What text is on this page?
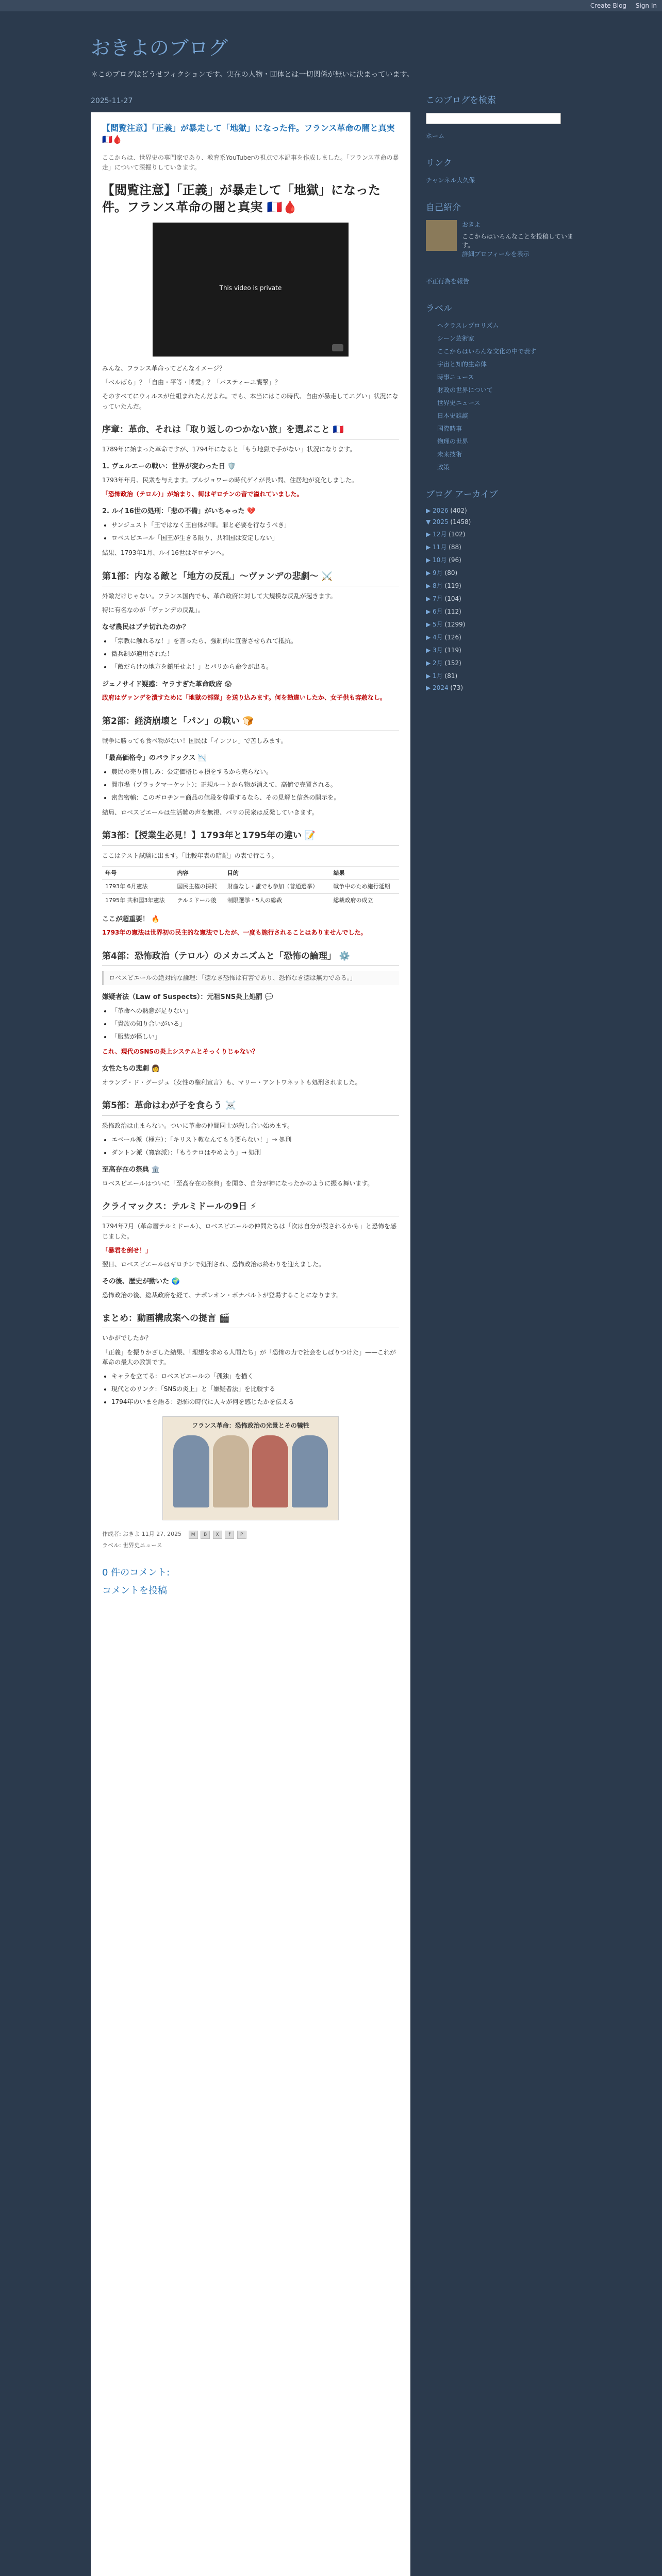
Create Blog Sign In
おきよのブログ
＊このブログはどうせフィクションです。実在の人物・団体とは一切関係が無いに決まっています。
2025-11-27
【閲覧注意】「正義」が暴走して「地獄」になった件。フランス革命の闇と真実 🇫🇷🩸

ここからは、世界史の専門家であり、教育系YouTuberの視点で本記事を作成しました。「フランス革命の暴走」について深掘りしていきます。

【閲覧注意】「正義」が暴走して「地獄」になった件。フランス革命の闇と真実 🇫🇷🩸
This video is private

みんな、フランス革命ってどんなイメージ？

「ベルばら」？「自由・平等・博愛」？「バスティーユ襲撃」？

そのすべてにウィルスが仕組まれたんだよね。でも、本当にはこの時代、自由が暴走してエグい」状況になっていたんだ。

序章：革命、それは「取り返しのつかない旅」を選ぶこと 🇫🇷

1789年に始まった革命ですが、1794年になると「もう地獄で手がない」状況になります。

1. ヴェルエーの戦い：世界が変わった日 🛡️

1793年年月、民衆を与えます。ブルジョワーの時代ゲイが長い間、住居地が変化しました。

「恐怖政治（テロル）」が始まり、街はギロチンの音で溢れていました。

2. ルイ16世の処刑：「悲の不備」がいちゃった 💔
• サンジュスト「王ではなく王自体が罪。罪と必要を行なうべき」
• ロベスピエール「国王が生きる限り、共和国は安定しない」

結果、1793年1月、ルイ16世はギロチンへ。

第1部：内なる敵と「地方の反乱」〜ヴァンデの悲劇〜 ⚔️

外敵だけじゃない。フランス国内でも、革命政府に対して大規模な反乱が起きます。

特に有名なのが「ヴァンデの反乱」。

なぜ農民はブチ切れたのか？
• 「宗教に触れるな！」を言ったら、強制的に宣誓させられて抵抗。
• 微兵制が適用された！
• 「敵だらけの地方を鎮圧せよ！」とパリから命令が出る。
ジェノサイド疑惑：ヤラすぎた革命政府 😱

政府はヴァンデを潰すために「地獄の部隊」を送り込みます。何を勘違いしたか、女子供も容赦なし。

第2部：経済崩壊と「パン」の戦い 🍞

戦争に勝っても食べ物がない！国民は「インフレ」で苦しみます。

「最高価格令」のパラドックス 📉
• 農民の売り惜しみ：公定価格じゃ損をするから売らない。
• 闇市場（ブラックマーケット）：正規ルートから物が消えて、高値で売買される。
• 密告密輸：このギロチン＝商品の値段を尊重するなら、その見解と信条の開示を。

結局、ロベスピエールは生活難の声を無視、パリの民衆は反発していきます。

第3部：【授業生必見！】1793年と1795年の違い 📝

ここはテスト試験に出ます。「比較年表の暗記」の表で行こう。

年号	内容	目的	結果
1793年 6月憲法	国民主権の採択	財産なし・誰でも参加（普通選挙）	戦争中のため施行延期
1795年 共和国3年憲法	テルミドール後	制限選挙・5人の総裁	総裁政府の成立
ここが超重要！ 🔥

1793年の憲法は世界初の民主的な憲法でしたが、一度も施行されることはありませんでした。

第4部：恐怖政治（テロル）のメカニズムと「恐怖の論理」 ⚙️

ロベスピエールの絶対的な論理：「徳なき恐怖は有害であり、恐怖なき徳は無力である。」

嫌疑者法（Law of Suspects）：元祖SNS炎上処罰 💬
• 「革命への熱意が足りない」
• 「貴族の知り合いがいる」
• 「服装が怪しい」

これ、現代のSNSの炎上システムとそっくりじゃない？

女性たちの悲劇 👩

オランプ・ド・グージュ（女性の権利宣言）も、マリー・アントワネットも処刑されました。

第5部：革命はわが子を食らう ☠️

恐怖政治は止まらない。ついに革命の仲間同士が殺し合い始めます。

• エベール派（極左）：「キリスト教なんてもう要らない！」→ 処刑
• ダントン派（寛容派）：「もうテロはやめよう」→ 処刑
至高存在の祭典 🏛️

ロベスピエールはついに「至高存在の祭典」を開き、自分が神になったかのように振る舞います。

クライマックス：テルミドールの9日 ⚡

1794年7月（革命暦テルミドール）、ロベスピエールの仲間たちは「次は自分が殺されるかも」と恐怖を感じました。

「暴君を倒せ！」

翌日、ロベスピエールはギロチンで処刑され、恐怖政治は終わりを迎えました。

その後、歴史が動いた 🌍

恐怖政治の後、総裁政府を経て、ナポレオン・ボナパルトが登場することになります。

まとめ：動画構成案への提言 🎬

いかがでしたか？

「正義」を振りかざした結果、「理想を求める人間たち」が「恐怖の力で社会をしばりつけた」——これが革命の最大の教訓です。

• キャラを立てる：ロベスピエールの「孤独」を描く
• 現代とのリンク：「SNSの炎上」と「嫌疑者法」を比較する
• 1794年のいまを語る：恐怖の時代に人々が何を感じたかを伝える
フランス革命：恐怖政治の光景とその犠牲
作成者: おきよ 11月 27, 2025 M B X f P
ラベル: 世界史ニュース
0 件のコメント:
コメントを投稿
このブログを検索
ホーム
リンク
チャンネル大久保
自己紹介
おきよ
ここからはいろんなことを投稿しています。
詳細プロフィールを表示
不正行為を報告
ラベル
ヘクラスレプロリズム
シーン芸術家
ここからはいろんな文化の中で表す
宇宙と知的生命体
時事ニュース
財政の世界について
世界史ニュース
日本史雑談
国際時事
物理の世界
未来技術
政策
ブログ アーカイブ
▶ 2026 (402)
▼ 2025 (1458)
▶ 12月 (102)
▶ 11月 (88)
▶ 10月 (96)
▶ 9月 (80)
▶ 8月 (119)
▶ 7月 (104)
▶ 6月 (112)
▶ 5月 (1299)
▶ 4月 (126)
▶ 3月 (119)
▶ 2月 (152)
▶ 1月 (81)
▶ 2024 (73)
